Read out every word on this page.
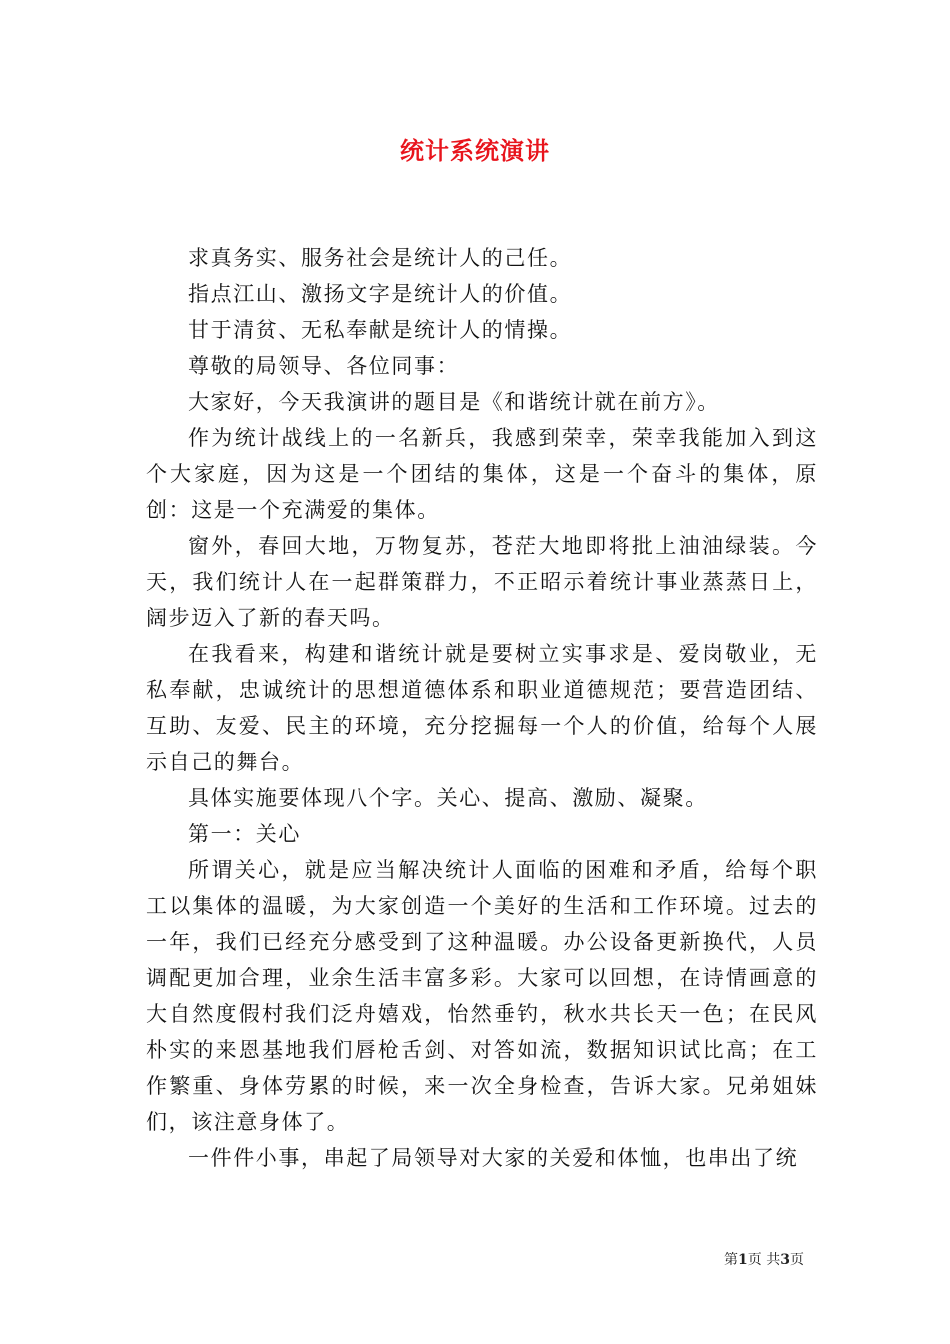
统计系统演讲

求真务实、服务社会是统计人的己任。

指点江山、激扬文字是统计人的价值。

甘于清贫、无私奉献是统计人的情操。

尊敬的局领导、各位同事：

大家好，今天我演讲的题目是《和谐统计就在前方》。

作为统计战线上的一名新兵，我感到荣幸，荣幸我能加入到这个大家庭，因为这是一个团结的集体，这是一个奋斗的集体，原创：这是一个充满爱的集体。

窗外，春回大地，万物复苏，苍茫大地即将批上油油绿装。今天，我们统计人在一起群策群力，不正昭示着统计事业蒸蒸日上，阔步迈入了新的春天吗。

在我看来，构建和谐统计就是要树立实事求是、爱岗敬业，无私奉献，忠诚统计的思想道德体系和职业道德规范；要营造团结、互助、友爱、民主的环境，充分挖掘每一个人的价值，给每个人展示自己的舞台。

具体实施要体现八个字。关心、提高、激励、凝聚。

第一：关心

所谓关心，就是应当解决统计人面临的困难和矛盾，给每个职工以集体的温暖，为大家创造一个美好的生活和工作环境。过去的一年，我们已经充分感受到了这种温暖。办公设备更新换代，人员调配更加合理，业余生活丰富多彩。大家可以回想，在诗情画意的大自然度假村我们泛舟嬉戏，怡然垂钓，秋水共长天一色；在民风朴实的来恩基地我们唇枪舌剑、对答如流，数据知识试比高；在工作繁重、身体劳累的时候，来一次全身检查，告诉大家。兄弟姐妹们，该注意身体了。

一件件小事，串起了局领导对大家的关爱和体恤，也串出了统

第1页 共3页
